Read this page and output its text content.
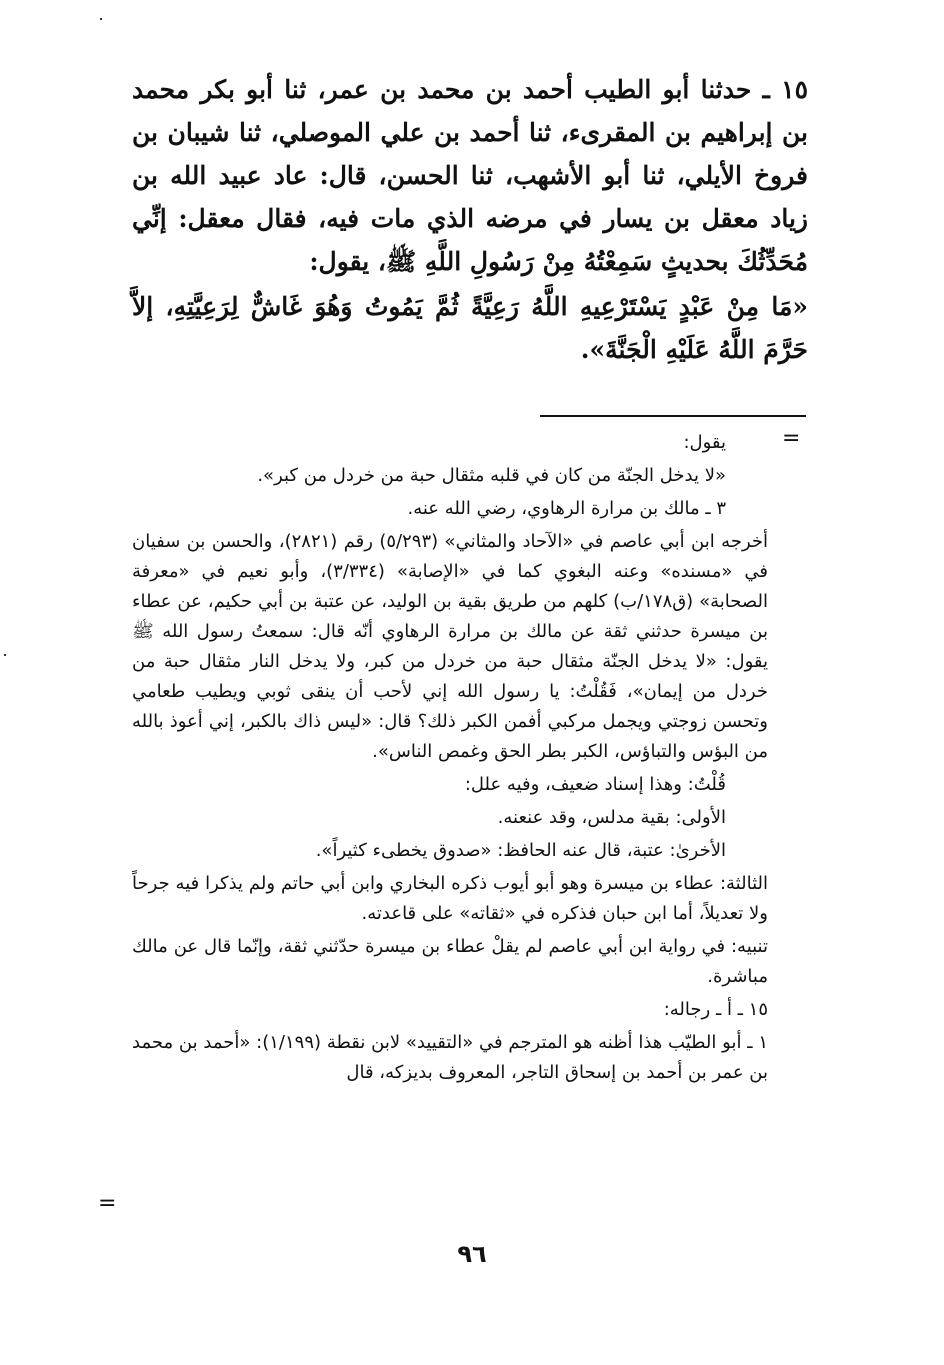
١٥ ـ حدثنا أبو الطيب أحمد بن محمد بن عمر، ثنا أبو بكر محمد بن إبراهيم بن المقرىء، ثنا أحمد بن علي الموصلي، ثنا شيبان بن فروخ الأيلي، ثنا أبو الأشهب، ثنا الحسن، قال: عاد عبيد الله بن زياد معقل بن يسار في مرضه الذي مات فيه، فقال معقل: إنِّي مُحَدِّثُكَ بحديثٍ سَمِعْتُهُ مِنْ رَسُولِ اللَّهِ ﷺ، يقول:

«مَا مِنْ عَبْدٍ يَسْتَرْعِيهِ اللَّهُ رَعِيَّةً ثُمَّ يَمُوتُ وَهُوَ غَاشٌّ لِرَعِيَّتِهِ، إلاَّ حَرَّمَ اللَّهُ عَلَيْهِ الْجَنَّةَ».

=

يقول:

«لا يدخل الجنّة من كان في قلبه مثقال حبة من خردل من كبر».

٣ ـ مالك بن مرارة الرهاوي، رضي الله عنه.

أخرجه ابن أبي عاصم في «الآحاد والمثاني» (٥/٢٩٣) رقم (٢٨٢١)، والحسن بن سفيان في «مسنده» وعنه البغوي كما في «الإصابة» (٣/٣٣٤)، وأبو نعيم في «معرفة الصحابة» (ق١٧٨/ب) كلهم من طريق بقية بن الوليد، عن عتبة بن أبي حكيم، عن عطاء بن ميسرة حدثني ثقة عن مالك بن مرارة الرهاوي أنّه قال: سمعتُ رسول الله ﷺ يقول: «لا يدخل الجنّة مثقال حبة من خردل من كبر، ولا يدخل النار مثقال حبة من خردل من إيمان»، فَقُلْتُ: يا رسول الله إني لأحب أن ينقى ثوبي ويطيب طعامي وتحسن زوجتي ويجمل مركبي أفمن الكبر ذلك؟ قال: «ليس ذاك بالكبر، إني أعوذ بالله من البؤس والتباؤس، الكبر بطر الحق وغمص الناس».

قُلْتُ: وهذا إسناد ضعيف، وفيه علل:

الأولى: بقية مدلس، وقد عنعنه.

الأخرىٰ: عتبة، قال عنه الحافظ: «صدوق يخطىء كثيراً».

الثالثة: عطاء بن ميسرة وهو أبو أيوب ذكره البخاري وابن أبي حاتم ولم يذكرا فيه جرحاً ولا تعديلاً، أما ابن حبان فذكره في «ثقاته» على قاعدته.

تنبيه: في رواية ابن أبي عاصم لم يقلْ عطاء بن ميسرة حدّثني ثقة، وإنّما قال عن مالك مباشرة.

١٥ ـ أ ـ رجاله:

١ ـ أبو الطيّب هذا أظنه هو المترجم في «التقييد» لابن نقطة (١/١٩٩): «أحمد بن محمد بن عمر بن أحمد بن إسحاق التاجر، المعروف بديزكه، قال

=
٩٦
